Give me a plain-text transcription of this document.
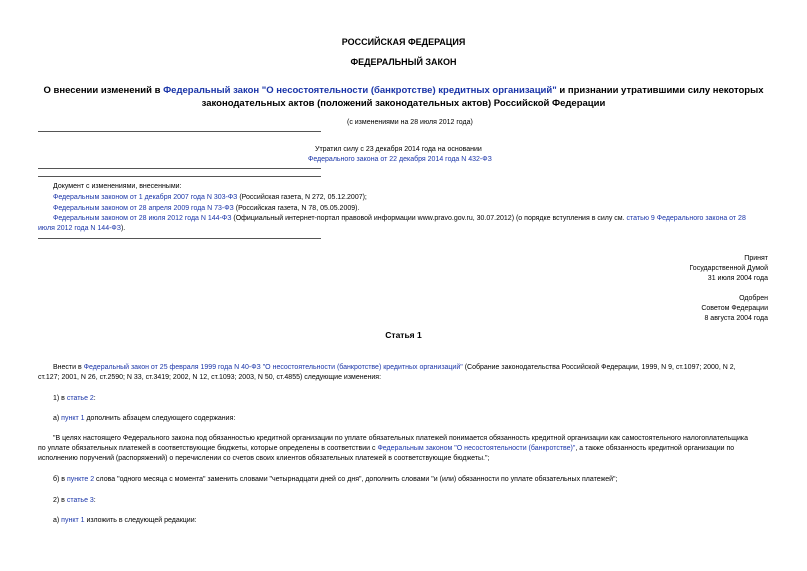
РОССИЙСКАЯ ФЕДЕРАЦИЯ
ФЕДЕРАЛЬНЫЙ ЗАКОН
О внесении изменений в Федеральный закон "О несостоятельности (банкротстве) кредитных организаций" и признании утратившими силу некоторых
законодательных актов (положений законодательных актов) Российской Федерации
(с изменениями на 28 июля 2012 года)
Утратил силу с 23 декабря 2014 года на основании
Федерального закона от 22 декабря 2014 года N 432-ФЗ
Документ с изменениями, внесенными:
Федеральным законом от 1 декабря 2007 года N 303-ФЗ (Российская газета, N 272, 05.12.2007);
Федеральным законом от 28 апреля 2009 года N 73-ФЗ (Российская газета, N 78, 05.05.2009).
Федеральным законом от 28 июля 2012 года N 144-ФЗ (Официальный интернет-портал правовой информации www.pravo.gov.ru, 30.07.2012) (о порядке вступления в силу см. статью 9 Федерального закона от 28
июля 2012 года N 144-ФЗ).
Принят
Государственной Думой
31 июля 2004 года
Одобрен
Советом Федерации
8 августа 2004 года
Статья 1
Внести в Федеральный закон от 25 февраля 1999 года N 40-ФЗ "О несостоятельности (банкротстве) кредитных организаций" (Собрание законодательства Российской Федерации, 1999, N 9, ст.1097; 2000, N 2,
ст.127; 2001, N 26, ст.2590; N 33, ст.3419; 2002, N 12, ст.1093; 2003, N 50, ст.4855) следующие изменения:
1) в статье 2:
а) пункт 1 дополнить абзацем следующего содержания:
"В целях настоящего Федерального закона под обязанностью кредитной организации по уплате обязательных платежей понимается обязанность кредитной организации как самостоятельного налогоплательщика
по уплате обязательных платежей в соответствующие бюджеты, которые определены в соответствии с Федеральным законом "О несостоятельности (банкротстве)", а также обязанность кредитной организации по
исполнению поручений (распоряжений) о перечислении со счетов своих клиентов обязательных платежей в соответствующие бюджеты.";
б) в пункте 2 слова "одного месяца с момента" заменить словами "четырнадцати дней со дня", дополнить словами "и (или) обязанности по уплате обязательных платежей";
2) в статье 3:
а) пункт 1 изложить в следующей редакции:
